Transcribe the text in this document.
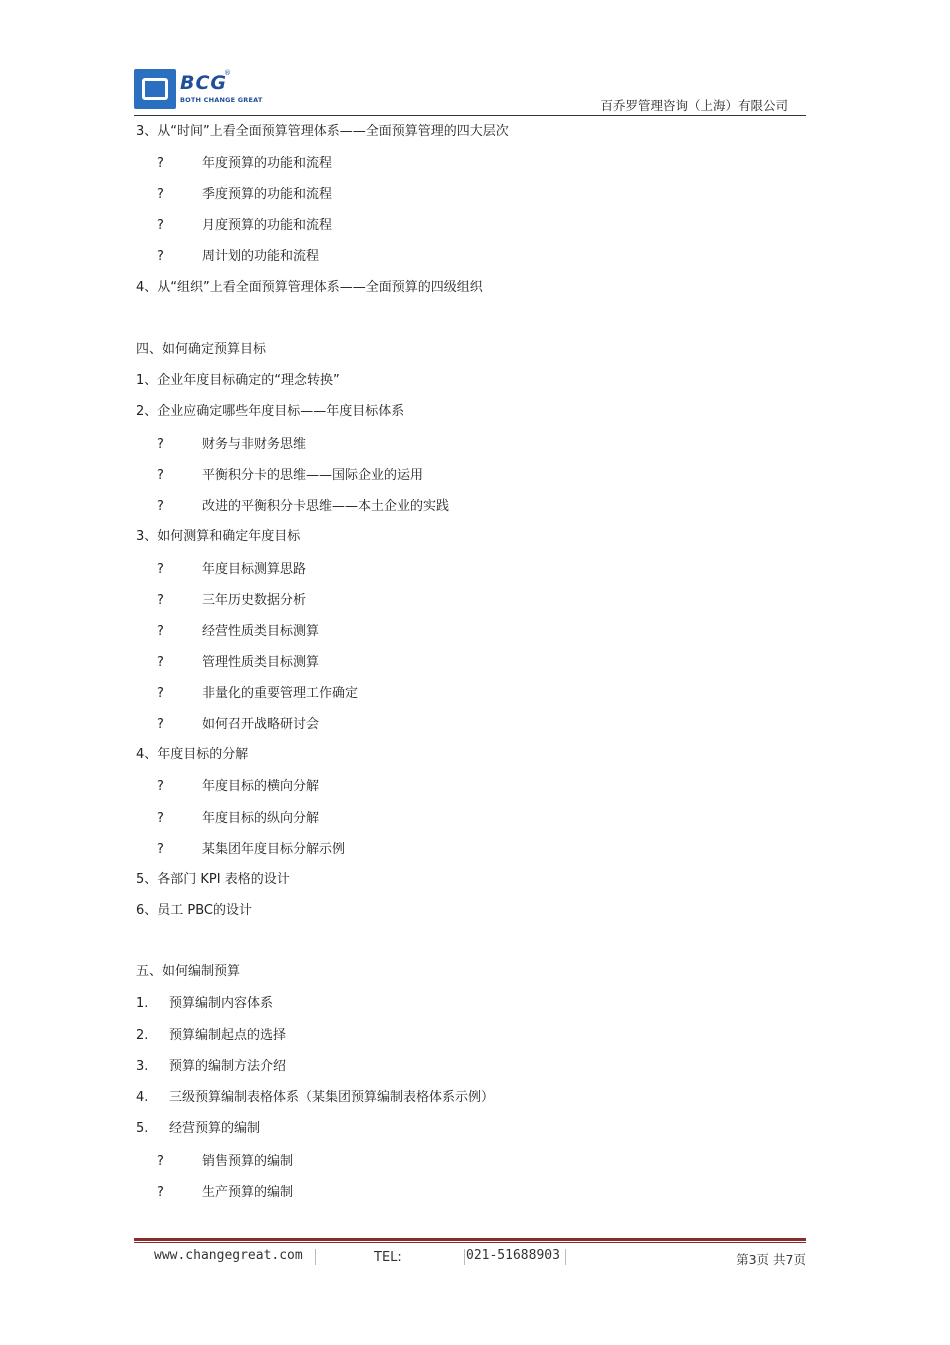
BCG
®
BOTH CHANGE GREAT	百乔罗管理咨询（上海）有限公司
3、从“时间”上看全面预算管理体系——全面预算管理的四大层次
?	年度预算的功能和流程
?	季度预算的功能和流程
?	月度预算的功能和流程
?	周计划的功能和流程
4、从“组织”上看全面预算管理体系——全面预算的四级组织
四、如何确定预算目标
1、企业年度目标确定的“理念转换”
2、企业应确定哪些年度目标——年度目标体系
?	财务与非财务思维
?	平衡积分卡的思维——国际企业的运用
?	改进的平衡积分卡思维——本土企业的实践
3、如何测算和确定年度目标
?	年度目标测算思路
?	三年历史数据分析
?	经营性质类目标测算
?	管理性质类目标测算
?	非量化的重要管理工作确定
?	如何召开战略研讨会
4、年度目标的分解
?	年度目标的横向分解
?	年度目标的纵向分解
?	某集团年度目标分解示例
5、各部门 KPI 表格的设计
6、员工 PBC的设计
五、如何编制预算
1. 预算编制内容体系
2. 预算编制起点的选择
3. 预算的编制方法介绍
4. 三级预算编制表格体系（某集团预算编制表格体系示例）
5. 经营预算的编制
?	销售预算的编制
?	生产预算的编制
www.changegreat.com	TEL:	021-51688903	第3页 共7页
